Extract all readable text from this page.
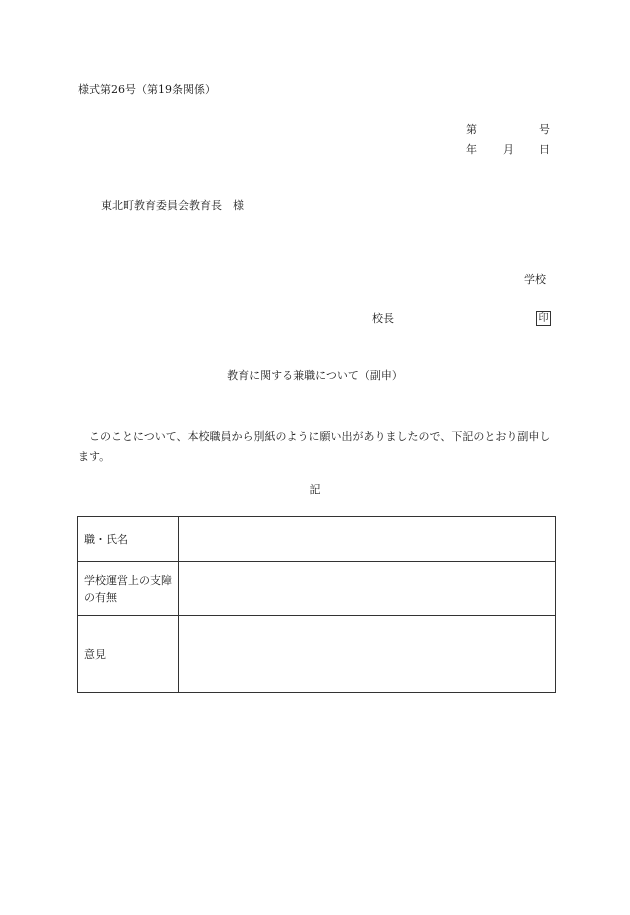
様式第26号（第19条関係）
第	号
年 月 日
東北町教育委員会教育長　様
学校
校長	印
教育に関する兼職について（副申）

このことについて、本校職員から別紙のように願い出がありましたので、下記のとおり副申します。

記
職・氏名	
学校運営上の支障の有無	
意見	
